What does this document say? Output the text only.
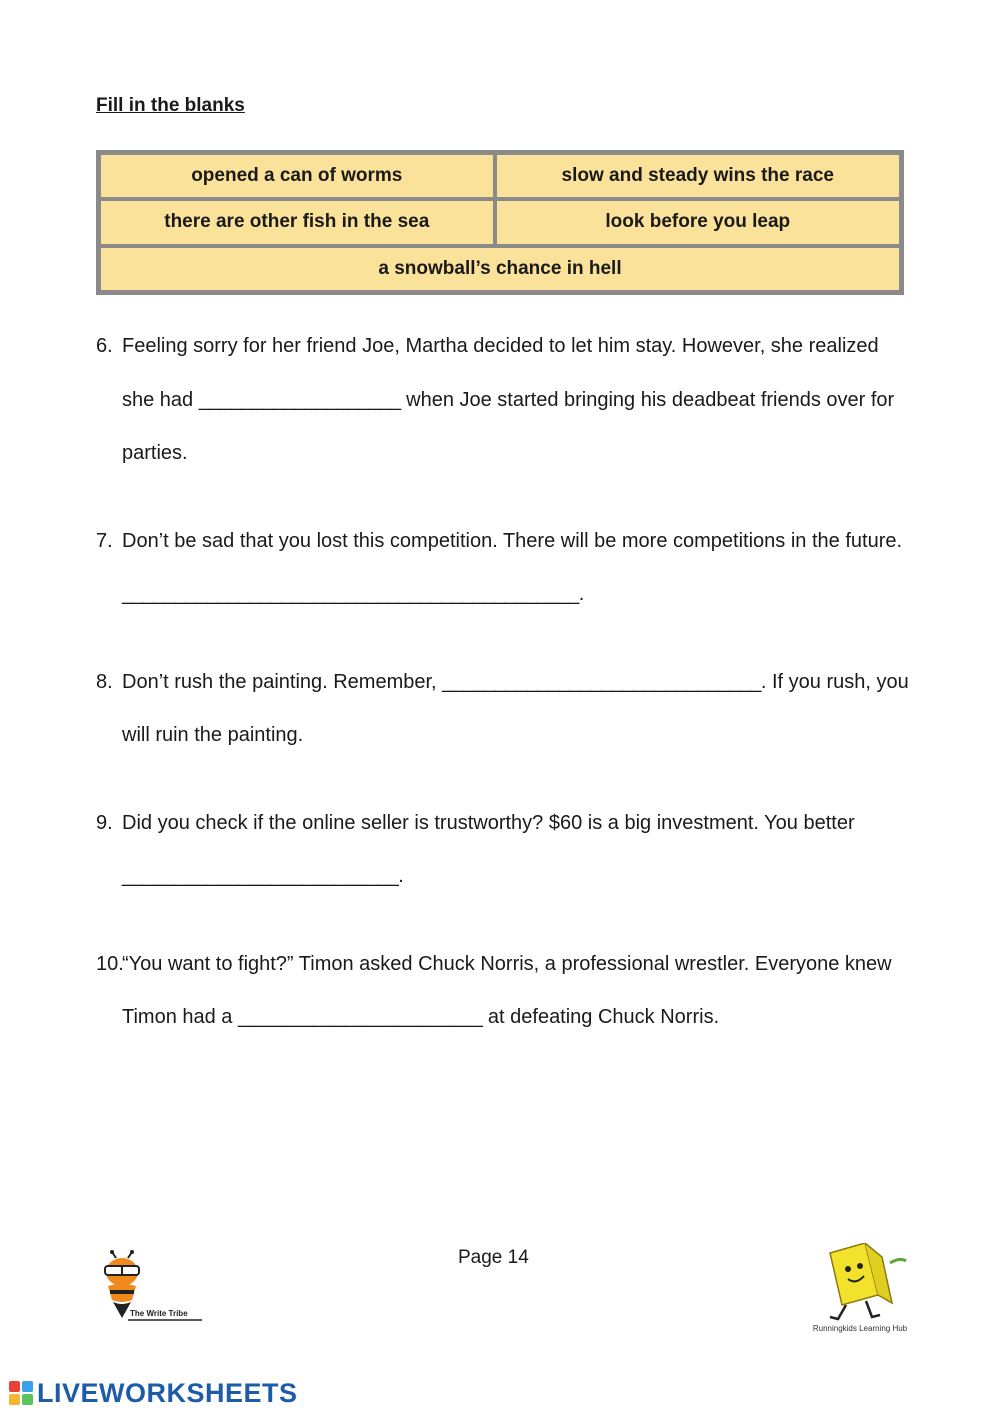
Fill in the blanks
opened a can of worms	slow and steady wins the race
there are other fish in the sea	look before you leap
a snowball’s chance in hell	
6. Feeling sorry for her friend Joe, Martha decided to let him stay. However, she realized she had ___________________ when Joe started bringing his deadbeat friends over for parties.
7. Don’t be sad that you lost this competition. There will be more competitions in the future. ___________________________________________.
8. Don’t rush the painting. Remember, ______________________________. If you rush, you will ruin the painting.
9. Did you check if the online seller is trustworthy? $60 is a big investment. You better __________________________.
10.
“You want to fight?” Timon asked Chuck Norris, a professional wrestler. Everyone knew Timon had a _______________________ at defeating Chuck Norris.

Page 14

The Write Tribe
Runningkids Learning Hub
LIVEWORKSHEETS
